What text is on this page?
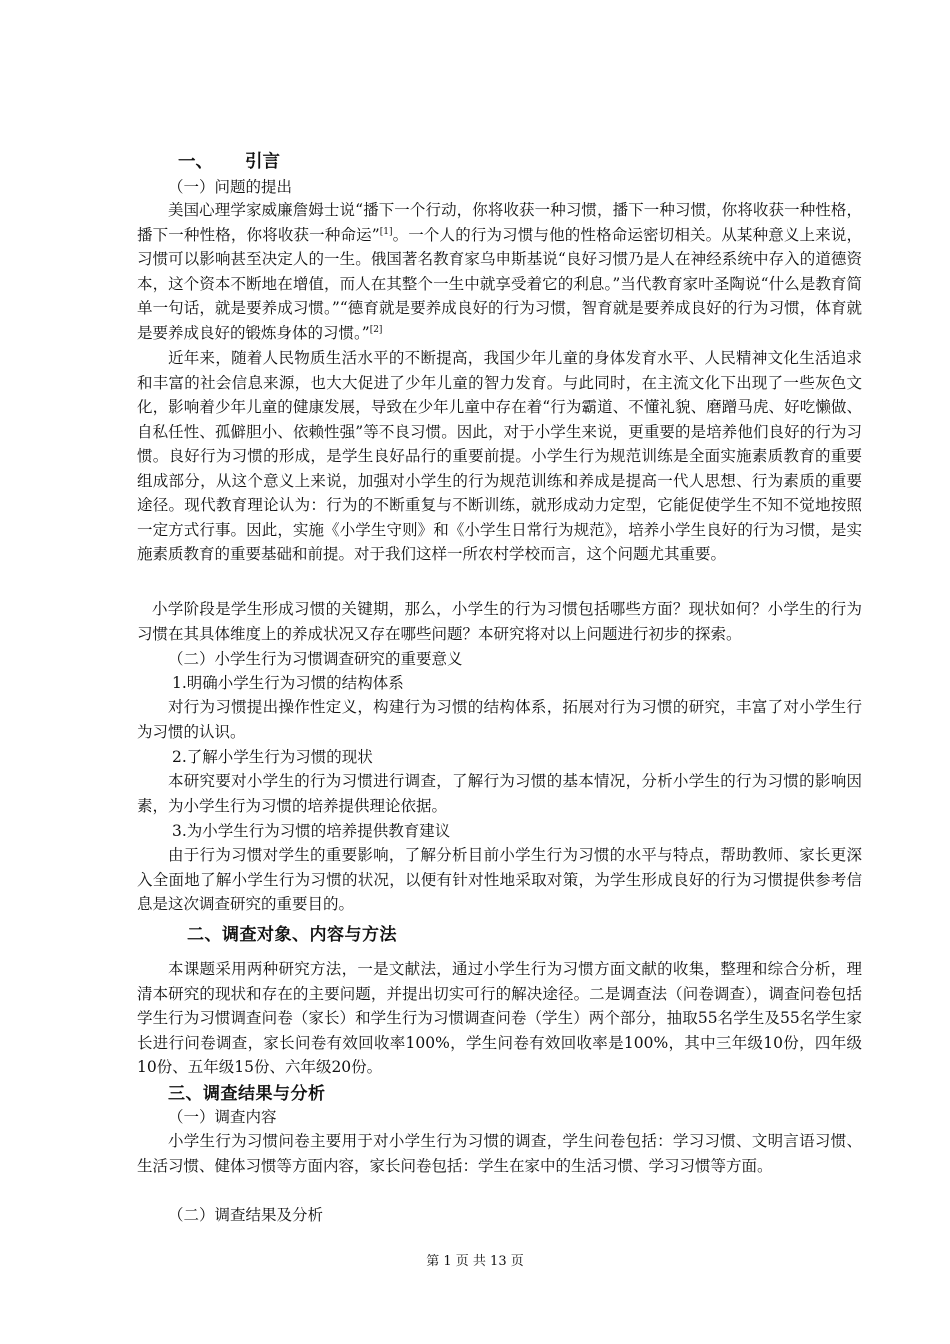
一、 引言

（一）问题的提出

美国心理学家威廉詹姆士说“播下一个行动，你将收获一种习惯，播下一种习惯，你将收获一种性格，播下一种性格，你将收获一种命运”[1]。一个人的行为习惯与他的性格命运密切相关。从某种意义上来说，习惯可以影响甚至决定人的一生。俄国著名教育家乌申斯基说“良好习惯乃是人在神经系统中存入的道德资本，这个资本不断地在增值，而人在其整个一生中就享受着它的利息。”当代教育家叶圣陶说“什么是教育简单一句话，就是要养成习惯。”“德育就是要养成良好的行为习惯，智育就是要养成良好的行为习惯，体育就是要养成良好的锻炼身体的习惯。”[2]

近年来，随着人民物质生活水平的不断提高，我国少年儿童的身体发育水平、人民精神文化生活追求和丰富的社会信息来源，也大大促进了少年儿童的智力发育。与此同时，在主流文化下出现了一些灰色文化，影响着少年儿童的健康发展，导致在少年儿童中存在着“行为霸道、不懂礼貌、磨蹭马虎、好吃懒做、自私任性、孤僻胆小、依赖性强”等不良习惯。因此，对于小学生来说，更重要的是培养他们良好的行为习惯。良好行为习惯的形成，是学生良好品行的重要前提。小学生行为规范训练是全面实施素质教育的重要组成部分，从这个意义上来说，加强对小学生的行为规范训练和养成是提高一代人思想、行为素质的重要途径。现代教育理论认为：行为的不断重复与不断训练，就形成动力定型，它能促使学生不知不觉地按照一定方式行事。因此，实施《小学生守则》和《小学生日常行为规范》，培养小学生良好的行为习惯，是实施素质教育的重要基础和前提。对于我们这样一所农村学校而言，这个问题尤其重要。

小学阶段是学生形成习惯的关键期，那么，小学生的行为习惯包括哪些方面？现状如何？小学生的行为习惯在其具体维度上的养成状况又存在哪些问题？本研究将对以上问题进行初步的探索。

（二）小学生行为习惯调查研究的重要意义

1.明确小学生行为习惯的结构体系

对行为习惯提出操作性定义，构建行为习惯的结构体系，拓展对行为习惯的研究，丰富了对小学生行为习惯的认识。

2.了解小学生行为习惯的现状

本研究要对小学生的行为习惯进行调查，了解行为习惯的基本情况，分析小学生的行为习惯的影响因素，为小学生行为习惯的培养提供理论依据。

3.为小学生行为习惯的培养提供教育建议

由于行为习惯对学生的重要影响，了解分析目前小学生行为习惯的水平与特点，帮助教师、家长更深入全面地了解小学生行为习惯的状况，以便有针对性地采取对策，为学生形成良好的行为习惯提供参考信息是这次调查研究的重要目的。

二、调查对象、内容与方法

本课题采用两种研究方法，一是文献法，通过小学生行为习惯方面文献的收集，整理和综合分析，理清本研究的现状和存在的主要问题，并提出切实可行的解决途径。二是调查法（问卷调查），调查问卷包括学生行为习惯调查问卷（家长）和学生行为习惯调查问卷（学生）两个部分，抽取55名学生及55名学生家长进行问卷调查，家长问卷有效回收率100%，学生问卷有效回收率是100%，其中三年级10份，四年级10份、五年级15份、六年级20份。

三、调查结果与分析

（一）调查内容

小学生行为习惯问卷主要用于对小学生行为习惯的调查，学生问卷包括：学习习惯、文明言语习惯、生活习惯、健体习惯等方面内容，家长问卷包括：学生在家中的生活习惯、学习习惯等方面。

（二）调查结果及分析

第 1 页 共 13 页
